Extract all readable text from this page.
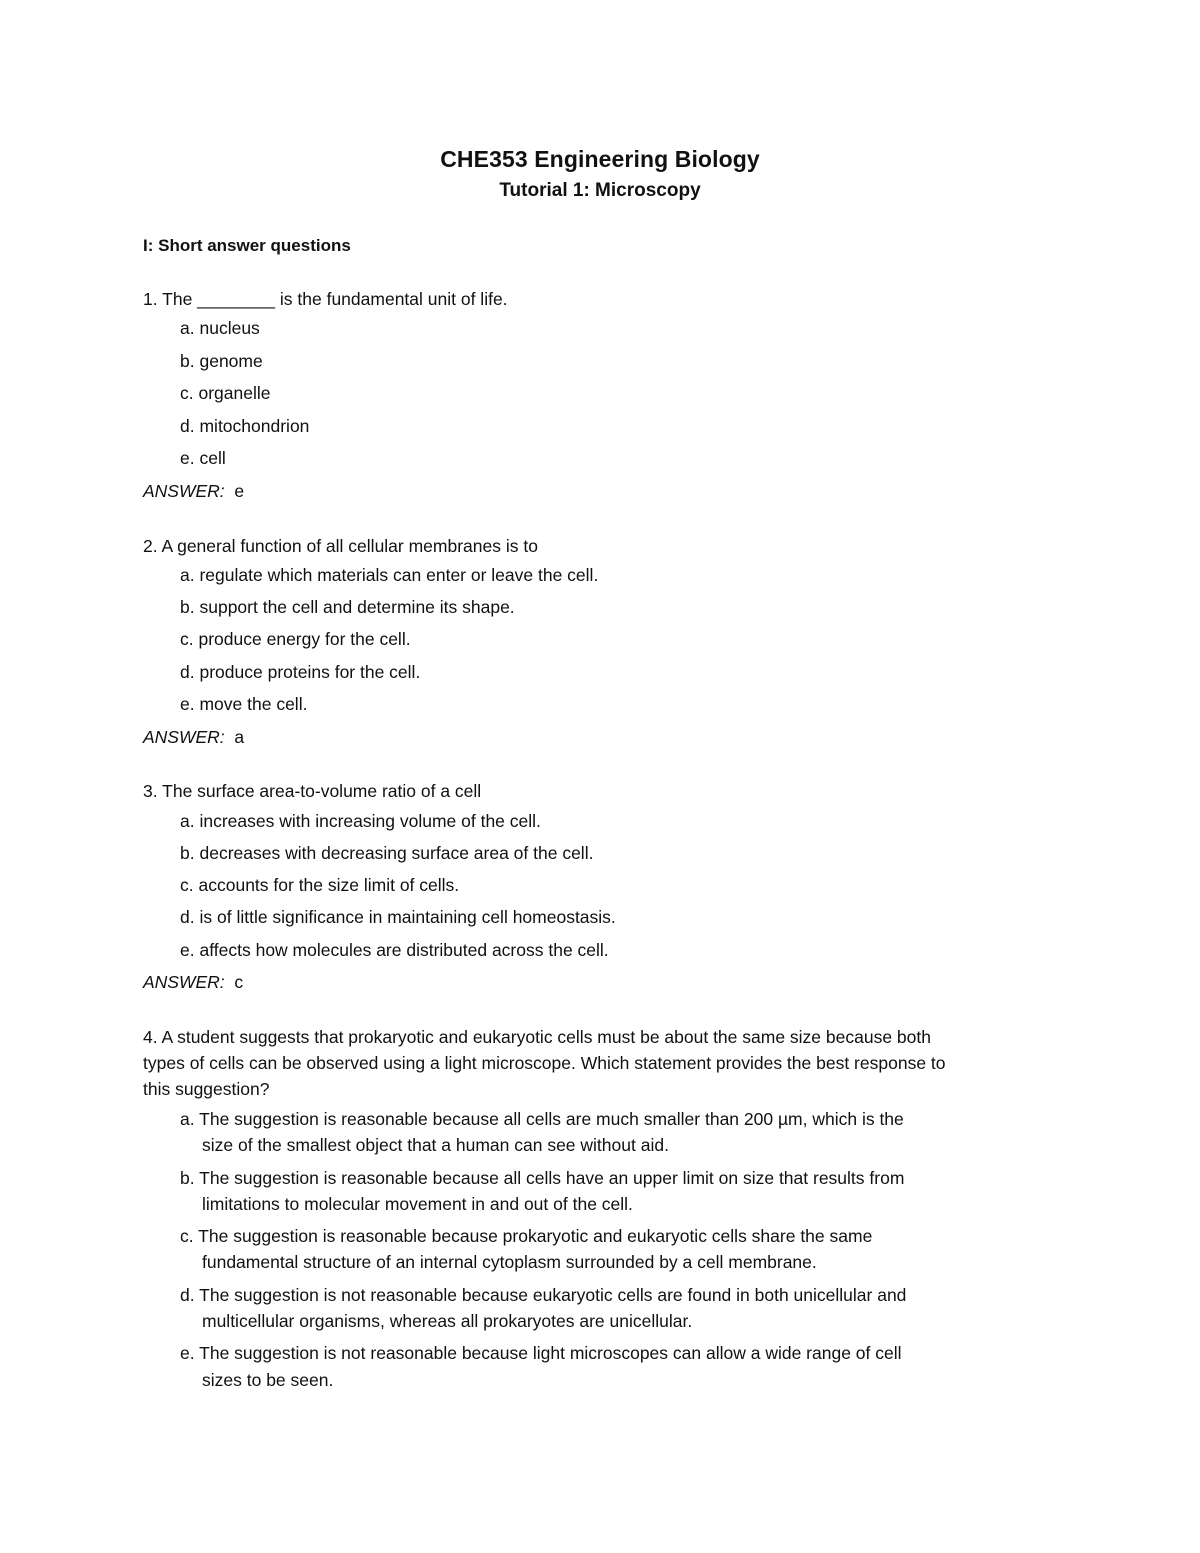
CHE353 Engineering Biology
Tutorial 1: Microscopy
I: Short answer questions
1. The ________ is the fundamental unit of life.
a. nucleus
b. genome
c. organelle
d. mitochondrion
e. cell
ANSWER: e
2. A general function of all cellular membranes is to
a. regulate which materials can enter or leave the cell.
b. support the cell and determine its shape.
c. produce energy for the cell.
d. produce proteins for the cell.
e. move the cell.
ANSWER: a
3. The surface area-to-volume ratio of a cell
a. increases with increasing volume of the cell.
b. decreases with decreasing surface area of the cell.
c. accounts for the size limit of cells.
d. is of little significance in maintaining cell homeostasis.
e. affects how molecules are distributed across the cell.
ANSWER: c
4. A student suggests that prokaryotic and eukaryotic cells must be about the same size because both
types of cells can be observed using a light microscope. Which statement provides the best response to
this suggestion?
a. The suggestion is reasonable because all cells are much smaller than 200 µm, which is the
size of the smallest object that a human can see without aid.
b. The suggestion is reasonable because all cells have an upper limit on size that results from
limitations to molecular movement in and out of the cell.
c. The suggestion is reasonable because prokaryotic and eukaryotic cells share the same
fundamental structure of an internal cytoplasm surrounded by a cell membrane.
d. The suggestion is not reasonable because eukaryotic cells are found in both unicellular and
multicellular organisms, whereas all prokaryotes are unicellular.
e. The suggestion is not reasonable because light microscopes can allow a wide range of cell
sizes to be seen.
